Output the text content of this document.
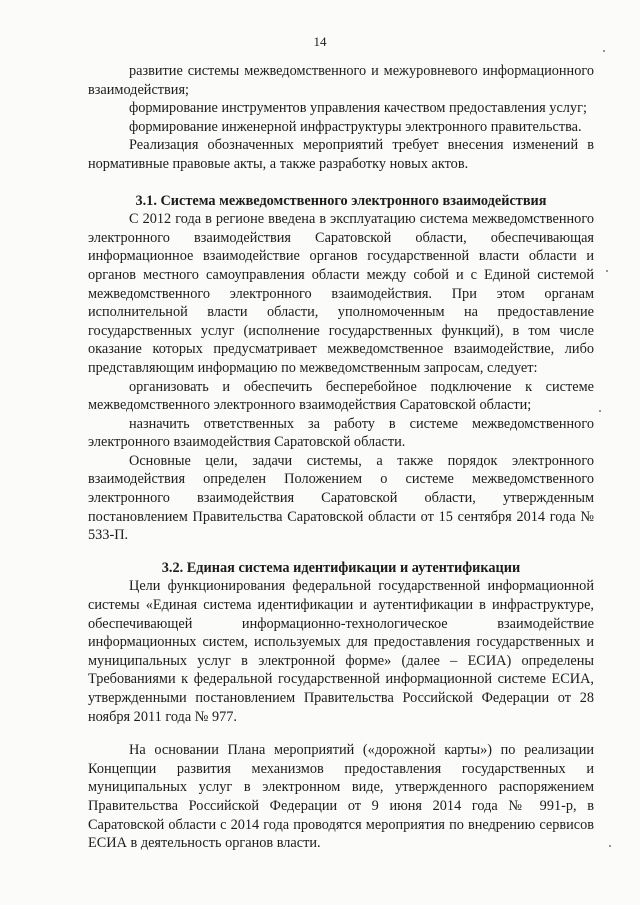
14

развитие системы межведомственного и межуровневого информационного взаимодействия;

формирование инструментов управления качеством предоставления услуг;

формирование инженерной инфраструктуры электронного правительства.

Реализация обозначенных мероприятий требует внесения изменений в нормативные правовые акты, а также разработку новых актов.

3.1. Система межведомственного электронного взаимодействия

С 2012 года в регионе введена в эксплуатацию система межведомственного электронного взаимодействия Саратовской области, обеспечивающая информационное взаимодействие органов государственной власти области и органов местного самоуправления области между собой и с Единой системой межведомственного электронного взаимодействия. При этом органам исполнительной власти области, уполномоченным на предоставление государственных услуг (исполнение государственных функций), в том числе оказание которых предусматривает межведомственное взаимодействие, либо представляющим информацию по межведомственным запросам, следует:

организовать и обеспечить бесперебойное подключение к системе межведомственного электронного взаимодействия Саратовской области;

назначить ответственных за работу в системе межведомственного электронного взаимодействия Саратовской области.

Основные цели, задачи системы, а также порядок электронного взаимодействия определен Положением о системе межведомственного электронного взаимодействия Саратовской области, утвержденным постановлением Правительства Саратовской области от 15 сентября 2014 года № 533-П.

3.2. Единая система идентификации и аутентификации

Цели функционирования федеральной государственной информационной системы «Единая система идентификации и аутентификации в инфраструктуре, обеспечивающей информационно-технологическое взаимодействие информационных систем, используемых для предоставления государственных и муниципальных услуг в электронной форме» (далее – ЕСИА) определены Требованиями к федеральной государственной информационной системе ЕСИА, утвержденными постановлением Правительства Российской Федерации от 28 ноября 2011 года № 977.

На основании Плана мероприятий («дорожной карты») по реализации Концепции развития механизмов предоставления государственных и муниципальных услуг в электронном виде, утвержденного распоряжением Правительства Российской Федерации от 9 июня 2014 года № 991-р, в Саратовской области с 2014 года проводятся мероприятия по внедрению сервисов ЕСИА в деятельность органов власти.
